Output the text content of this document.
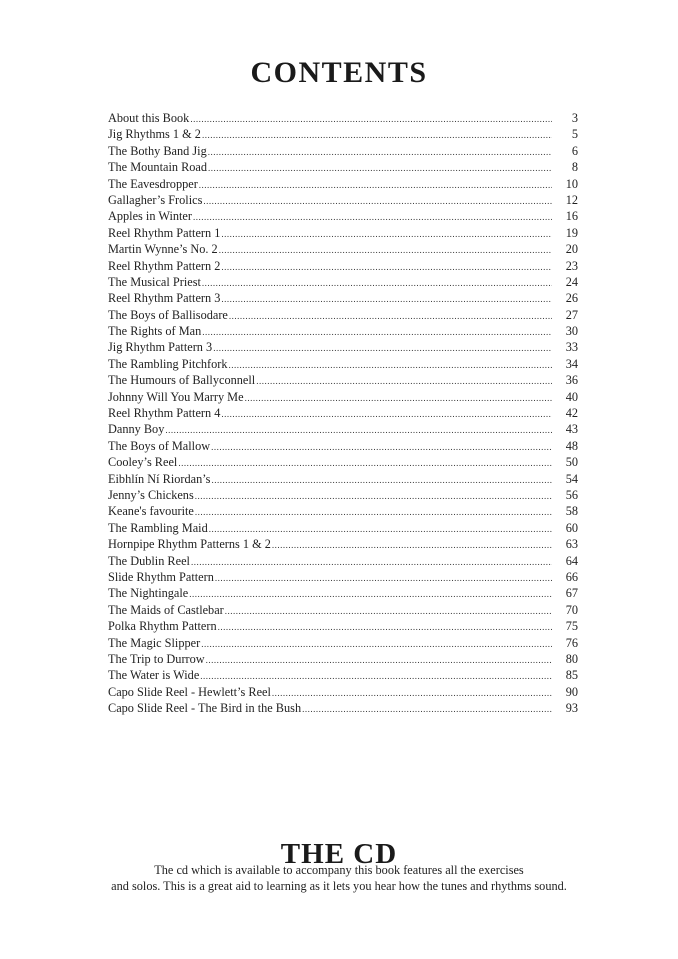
CONTENTS
About this Book .....	3
Jig Rhythms 1 & 2 .....	5
The Bothy Band Jig .....	6
The Mountain Road .....	8
The Eavesdropper .....	10
Gallagher’s Frolics .....	12
Apples in Winter .....	16
Reel Rhythm Pattern 1 .....	19
Martin Wynne’s No. 2 .....	20
Reel Rhythm Pattern 2 .....	23
The Musical Priest .....	24
Reel Rhythm Pattern 3 .....	26
The Boys of Ballisodare .....	27
The Rights of Man .....	30
Jig Rhythm Pattern 3 .....	33
The Rambling Pitchfork .....	34
The Humours of Ballyconnell .....	36
Johnny Will You Marry Me .....	40
Reel Rhythm Pattern 4 .....	42
Danny Boy .....	43
The Boys of Mallow .....	48
Cooley’s Reel .....	50
Eibhlín Ní Riordan’s .....	54
Jenny’s Chickens .....	56
Keane's favourite .....	58
The Rambling Maid .....	60
Hornpipe Rhythm Patterns 1 & 2 .....	63
The Dublin Reel .....	64
Slide Rhythm Pattern .....	66
The Nightingale .....	67
The Maids of Castlebar .....	70
Polka Rhythm Pattern .....	75
The Magic Slipper .....	76
The Trip to Durrow .....	80
The Water is Wide .....	85
Capo Slide Reel - Hewlett’s Reel .....	90
Capo Slide Reel - The Bird in the Bush .....	93
THE CD

The cd which is available to accompany this book features all the exercises
and solos. This is a great aid to learning as it lets you hear how the tunes and rhythms sound.
